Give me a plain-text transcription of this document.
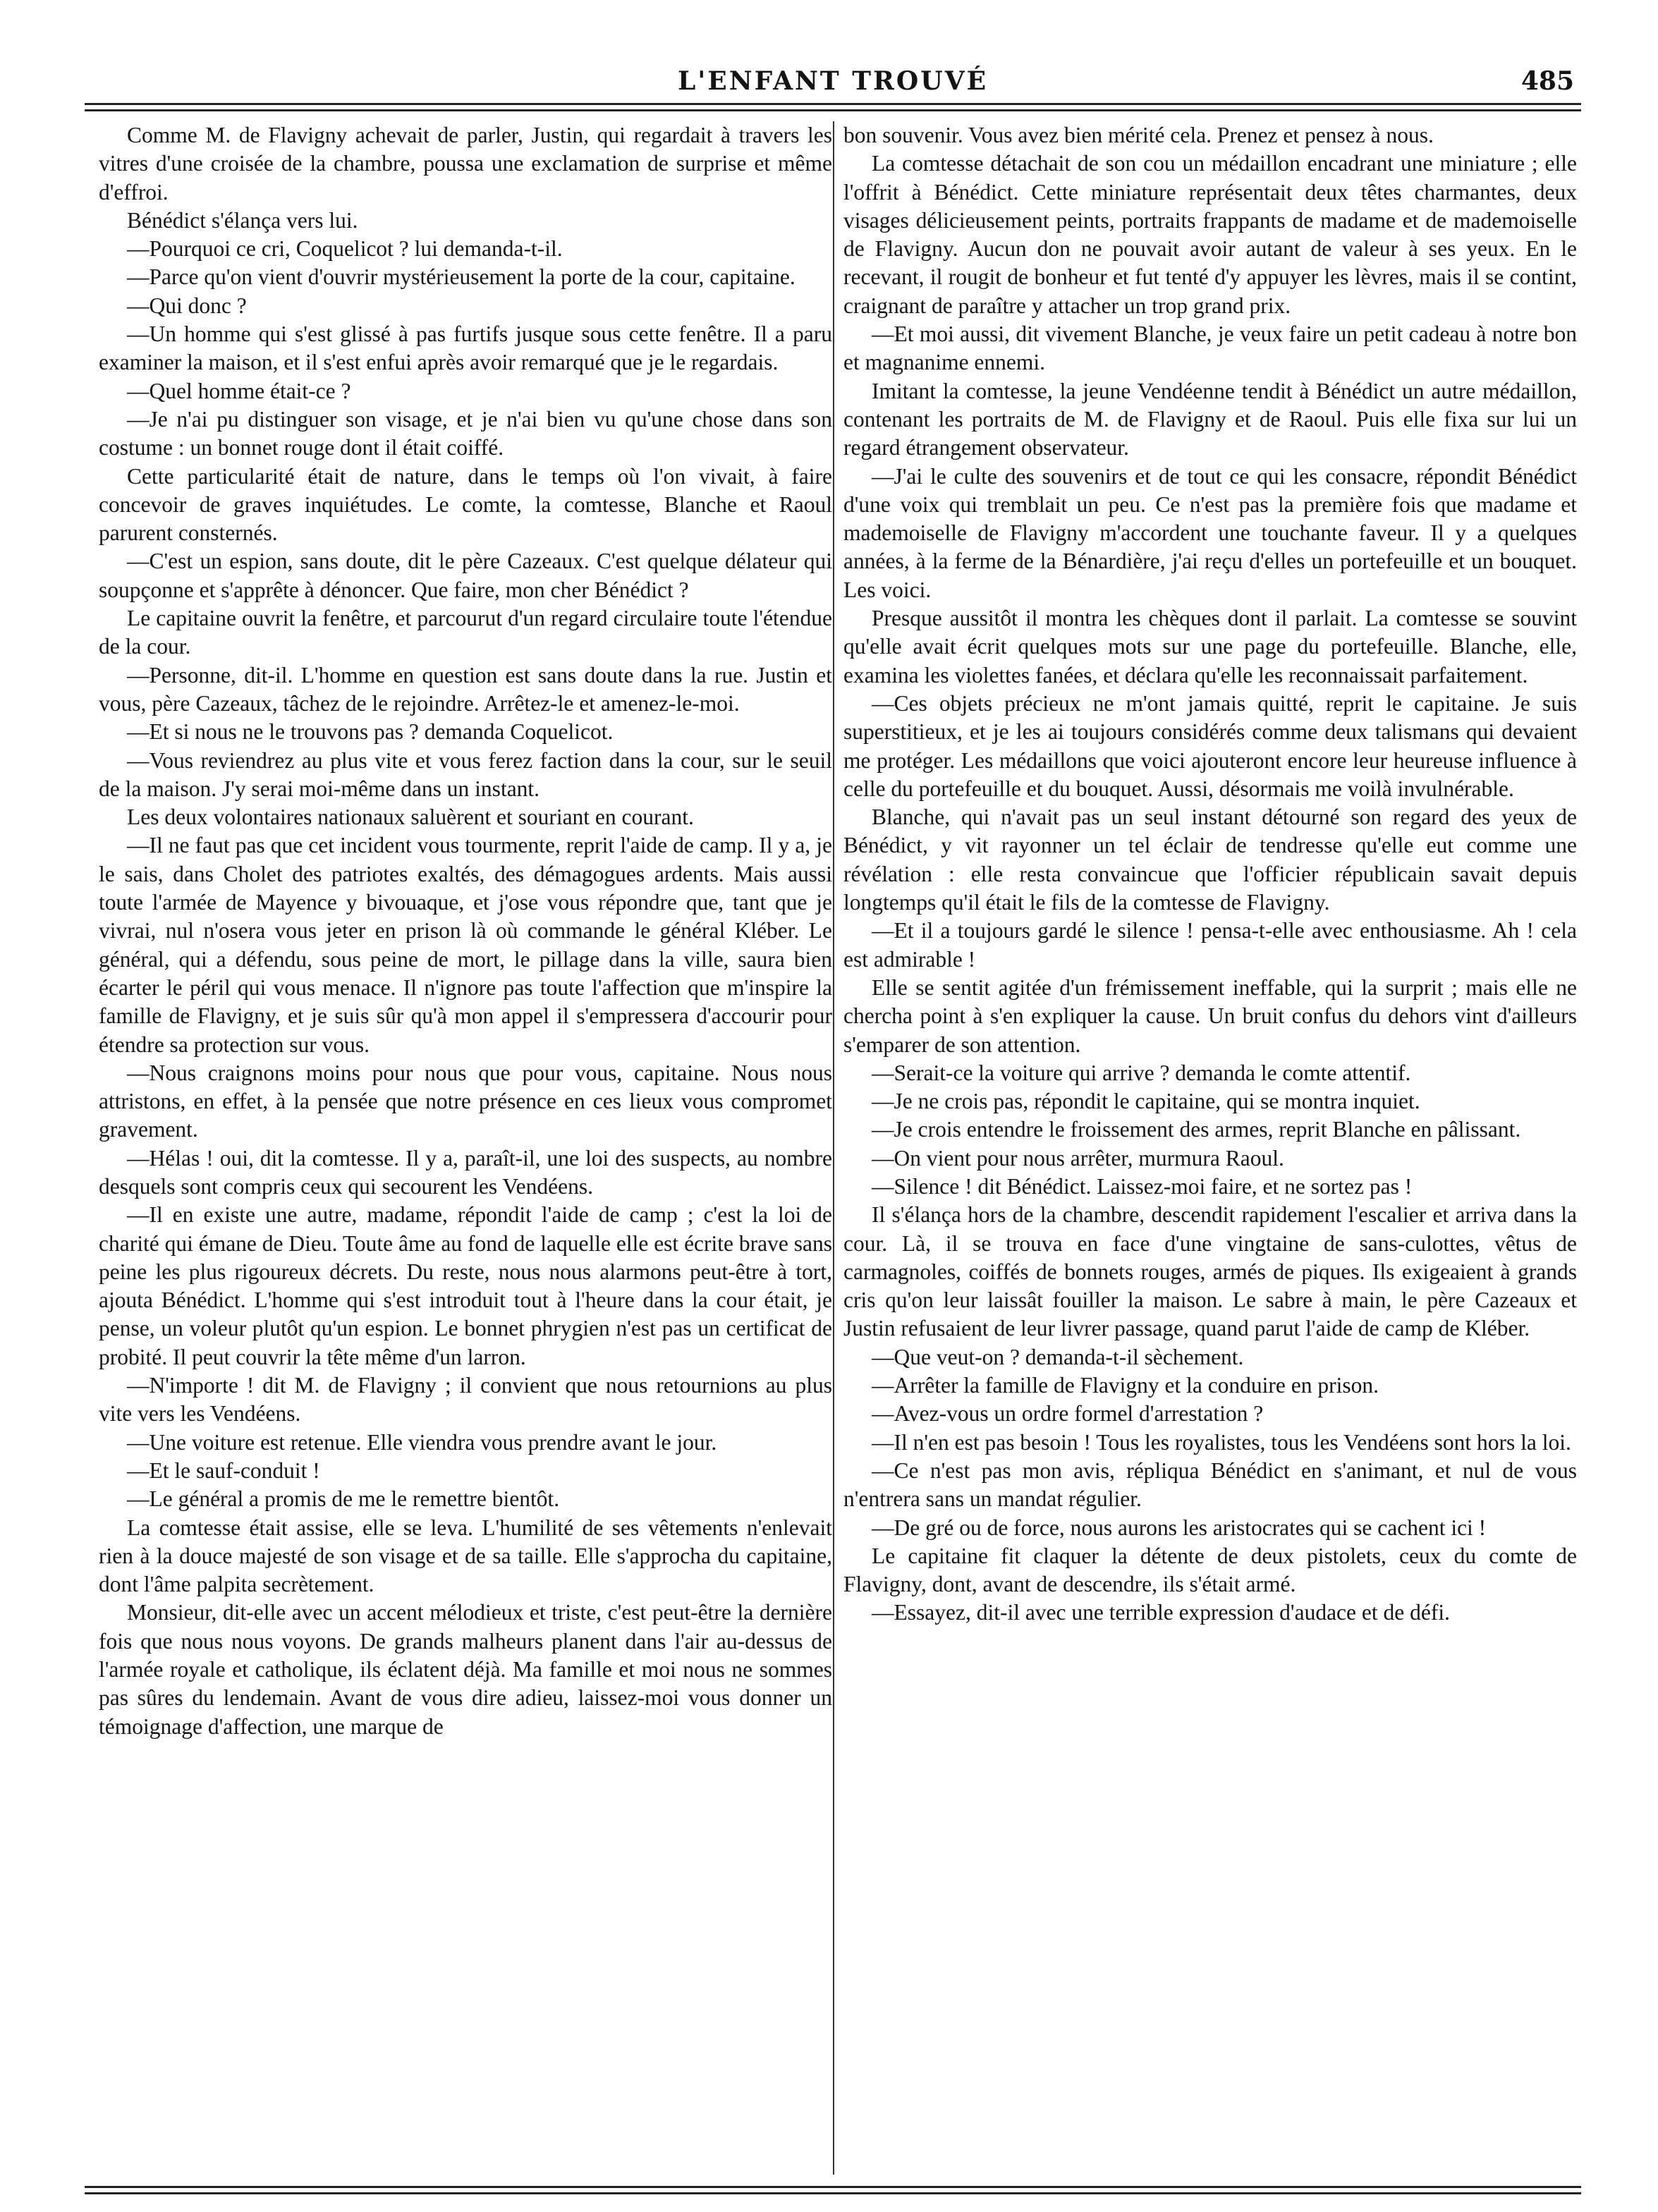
L'ENFANT TROUVÉ	485

Comme M. de Flavigny achevait de parler, Justin, qui regardait à travers les vitres d'une croisée de la chambre, poussa une exclamation de surprise et même d'effroi.

Bénédict s'élança vers lui.

—Pourquoi ce cri, Coquelicot ? lui demanda-t-il.

—Parce qu'on vient d'ouvrir mystérieusement la porte de la cour, capitaine.

—Qui donc ?

—Un homme qui s'est glissé à pas furtifs jusque sous cette fenêtre. Il a paru examiner la maison, et il s'est enfui après avoir remarqué que je le regardais.

—Quel homme était-ce ?

—Je n'ai pu distinguer son visage, et je n'ai bien vu qu'une chose dans son costume : un bonnet rouge dont il était coiffé.

Cette particularité était de nature, dans le temps où l'on vivait, à faire concevoir de graves inquiétudes. Le comte, la comtesse, Blanche et Raoul parurent consternés.

—C'est un espion, sans doute, dit le père Cazeaux. C'est quelque délateur qui soupçonne et s'apprête à dénoncer. Que faire, mon cher Bénédict ?

Le capitaine ouvrit la fenêtre, et parcourut d'un regard circulaire toute l'étendue de la cour.

—Personne, dit-il. L'homme en question est sans doute dans la rue. Justin et vous, père Cazeaux, tâchez de le rejoindre. Arrêtez-le et amenez-le-moi.

—Et si nous ne le trouvons pas ? demanda Coquelicot.

—Vous reviendrez au plus vite et vous ferez faction dans la cour, sur le seuil de la maison. J'y serai moi-même dans un instant.

Les deux volontaires nationaux saluèrent et souriant en courant.

—Il ne faut pas que cet incident vous tourmente, reprit l'aide de camp. Il y a, je le sais, dans Cholet des patriotes exaltés, des démagogues ardents. Mais aussi toute l'armée de Mayence y bivouaque, et j'ose vous répondre que, tant que je vivrai, nul n'osera vous jeter en prison là où commande le général Kléber. Le général, qui a défendu, sous peine de mort, le pillage dans la ville, saura bien écarter le péril qui vous menace. Il n'ignore pas toute l'affection que m'inspire la famille de Flavigny, et je suis sûr qu'à mon appel il s'empressera d'accourir pour étendre sa protection sur vous.

—Nous craignons moins pour nous que pour vous, capitaine. Nous nous attristons, en effet, à la pensée que notre présence en ces lieux vous compromet gravement.

—Hélas ! oui, dit la comtesse. Il y a, paraît-il, une loi des suspects, au nombre desquels sont compris ceux qui secourent les Vendéens.

—Il en existe une autre, madame, répondit l'aide de camp ; c'est la loi de charité qui émane de Dieu. Toute âme au fond de laquelle elle est écrite brave sans peine les plus rigoureux décrets. Du reste, nous nous alarmons peut-être à tort, ajouta Bénédict. L'homme qui s'est introduit tout à l'heure dans la cour était, je pense, un voleur plutôt qu'un espion. Le bonnet phrygien n'est pas un certificat de probité. Il peut couvrir la tête même d'un larron.

—N'importe ! dit M. de Flavigny ; il convient que nous retournions au plus vite vers les Vendéens.

—Une voiture est retenue. Elle viendra vous prendre avant le jour.

—Et le sauf-conduit !

—Le général a promis de me le remettre bientôt.

La comtesse était assise, elle se leva. L'humilité de ses vêtements n'enlevait rien à la douce majesté de son visage et de sa taille. Elle s'approcha du capitaine, dont l'âme palpita secrètement.

Monsieur, dit-elle avec un accent mélodieux et triste, c'est peut-être la dernière fois que nous nous voyons. De grands malheurs planent dans l'air au-dessus de l'armée royale et catholique, ils éclatent déjà. Ma famille et moi nous ne sommes pas sûres du lendemain. Avant de vous dire adieu, laissez-moi vous donner un témoignage d'affection, une marque de

bon souvenir. Vous avez bien mérité cela. Prenez et pensez à nous.

La comtesse détachait de son cou un médaillon encadrant une miniature ; elle l'offrit à Bénédict. Cette miniature représentait deux têtes charmantes, deux visages délicieusement peints, portraits frappants de madame et de mademoiselle de Flavigny. Aucun don ne pouvait avoir autant de valeur à ses yeux. En le recevant, il rougit de bonheur et fut tenté d'y appuyer les lèvres, mais il se contint, craignant de paraître y attacher un trop grand prix.

—Et moi aussi, dit vivement Blanche, je veux faire un petit cadeau à notre bon et magnanime ennemi.

Imitant la comtesse, la jeune Vendéenne tendit à Bénédict un autre médaillon, contenant les portraits de M. de Flavigny et de Raoul. Puis elle fixa sur lui un regard étrangement observateur.

—J'ai le culte des souvenirs et de tout ce qui les consacre, répondit Bénédict d'une voix qui tremblait un peu. Ce n'est pas la première fois que madame et mademoiselle de Flavigny m'accordent une touchante faveur. Il y a quelques années, à la ferme de la Bénardière, j'ai reçu d'elles un portefeuille et un bouquet. Les voici.

Presque aussitôt il montra les chèques dont il parlait. La comtesse se souvint qu'elle avait écrit quelques mots sur une page du portefeuille. Blanche, elle, examina les violettes fanées, et déclara qu'elle les reconnaissait parfaitement.

—Ces objets précieux ne m'ont jamais quitté, reprit le capitaine. Je suis superstitieux, et je les ai toujours considérés comme deux talismans qui devaient me protéger. Les médaillons que voici ajouteront encore leur heureuse influence à celle du portefeuille et du bouquet. Aussi, désormais me voilà invulnérable.

Blanche, qui n'avait pas un seul instant détourné son regard des yeux de Bénédict, y vit rayonner un tel éclair de tendresse qu'elle eut comme une révélation : elle resta convaincue que l'officier républicain savait depuis longtemps qu'il était le fils de la comtesse de Flavigny.

—Et il a toujours gardé le silence ! pensa-t-elle avec enthousiasme. Ah ! cela est admirable !

Elle se sentit agitée d'un frémissement ineffable, qui la surprit ; mais elle ne chercha point à s'en expliquer la cause. Un bruit confus du dehors vint d'ailleurs s'emparer de son attention.

—Serait-ce la voiture qui arrive ? demanda le comte attentif.

—Je ne crois pas, répondit le capitaine, qui se montra inquiet.

—Je crois entendre le froissement des armes, reprit Blanche en pâlissant.

—On vient pour nous arrêter, murmura Raoul.

—Silence ! dit Bénédict. Laissez-moi faire, et ne sortez pas !

Il s'élança hors de la chambre, descendit rapidement l'escalier et arriva dans la cour. Là, il se trouva en face d'une vingtaine de sans-culottes, vêtus de carmagnoles, coiffés de bonnets rouges, armés de piques. Ils exigeaient à grands cris qu'on leur laissât fouiller la maison. Le sabre à main, le père Cazeaux et Justin refusaient de leur livrer passage, quand parut l'aide de camp de Kléber.

—Que veut-on ? demanda-t-il sèchement.

—Arrêter la famille de Flavigny et la conduire en prison.

—Avez-vous un ordre formel d'arrestation ?

—Il n'en est pas besoin ! Tous les royalistes, tous les Vendéens sont hors la loi.

—Ce n'est pas mon avis, répliqua Bénédict en s'animant, et nul de vous n'entrera sans un mandat régulier.

—De gré ou de force, nous aurons les aristocrates qui se cachent ici !

Le capitaine fit claquer la détente de deux pistolets, ceux du comte de Flavigny, dont, avant de descendre, ils s'était armé.

—Essayez, dit-il avec une terrible expression d'audace et de défi.
